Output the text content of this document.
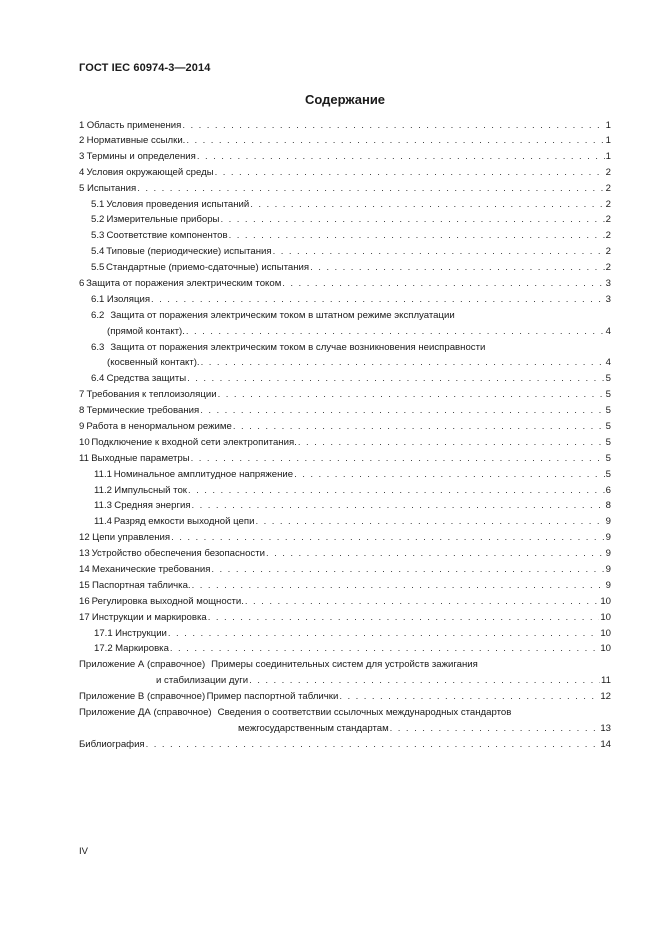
ГОСТ IEC 60974-3—2014
Содержание
1 Область применения . . .	1
2 Нормативные ссылки. . . .	1
3 Термины и определения . . .	1
4 Условия окружающей среды . . .	2
5 Испытания . . .	2
5.1 Условия проведения испытаний . . .	2
5.2 Измерительные приборы . . .	2
5.3 Соответствие компонентов . . .	2
5.4 Типовые (периодические) испытания . . .	2
5.5 Стандартные (приемо-сдаточные) испытания . . .	2
6 Защита от поражения электрическим током . . .	3
6.1 Изоляция . . .	3
6.2 Защита от поражения электрическим током в штатном режиме эксплуатации
(прямой контакт). . . .	4
6.3 Защита от поражения электрическим током в случае возникновения неисправности
(косвенный контакт). . . .	4
6.4 Средства защиты . . .	5
7 Требования к теплоизоляции . . .	5
8 Термические требования . . .	5
9 Работа в ненормальном режиме . . .	5
10 Подключение к входной сети электропитания. . . .	5
11 Выходные параметры . . .	5
11.1 Номинальное амплитудное напряжение . . .	5
11.2 Импульсный ток . . .	6
11.3 Средняя энергия . . .	8
11.4 Разряд емкости выходной цепи . . .	9
12 Цепи управления . . .	9
13 Устройство обеспечения безопасности . . .	9
14 Механические требования . . .	9
15 Паспортная табличка. . . .	9
16 Регулировка выходной мощности. . . .	10
17 Инструкции и маркировка . . .	10
17.1 Инструкции . . .	10
17.2 Маркировка . . .	10
Приложение А (справочное) Примеры соединительных систем для устройств зажигания
и стабилизации дуги . . .	11
Приложение В (справочное) Пример паспортной таблички . . .	12
Приложение ДА (справочное) Сведения о соответствии ссылочных международных стандартов
межгосударственным стандартам . . .	13
Библиография . . .	14
IV
